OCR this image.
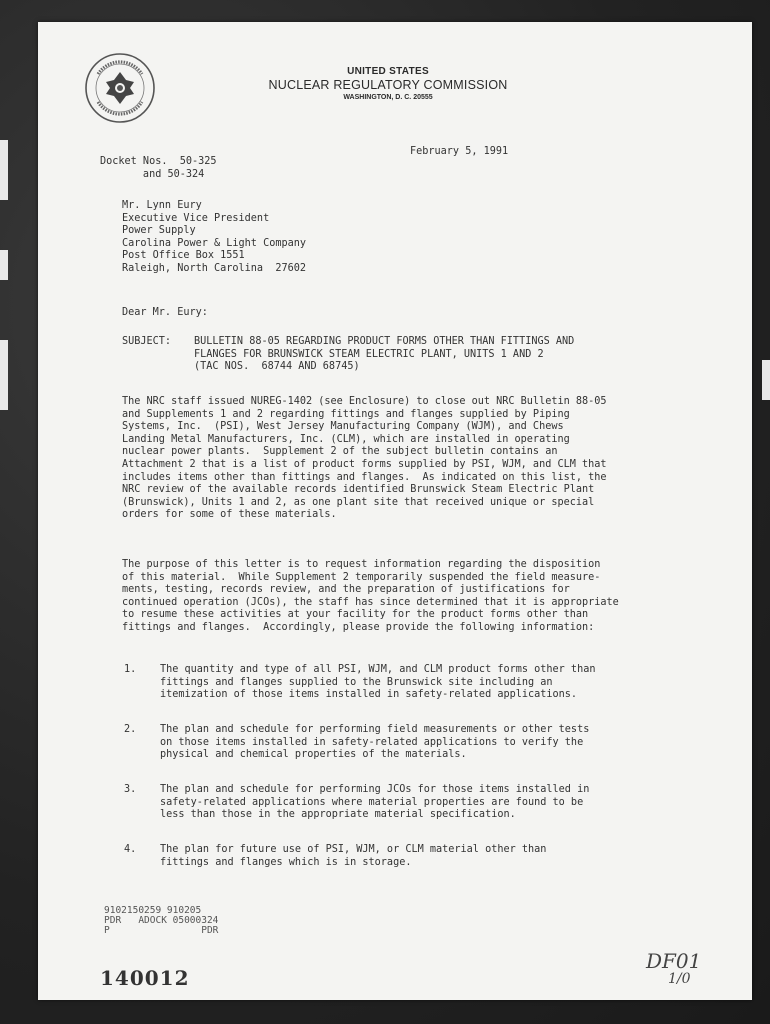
UNITED STATES
NUCLEAR REGULATORY COMMISSION
WASHINGTON, D. C. 20555
February 5, 1991
Docket Nos.  50-325
and 50-324
Mr. Lynn Eury
Executive Vice President
Power Supply
Carolina Power & Light Company
Post Office Box 1551
Raleigh, North Carolina  27602
Dear Mr. Eury:
SUBJECT: BULLETIN 88-05 REGARDING PRODUCT FORMS OTHER THAN FITTINGS AND
FLANGES FOR BRUNSWICK STEAM ELECTRIC PLANT, UNITS 1 AND 2
(TAC NOS.  68744 AND 68745)
The NRC staff issued NUREG-1402 (see Enclosure) to close out NRC Bulletin 88-05
and Supplements 1 and 2 regarding fittings and flanges supplied by Piping
Systems, Inc.  (PSI), West Jersey Manufacturing Company (WJM), and Chews
Landing Metal Manufacturers, Inc. (CLM), which are installed in operating
nuclear power plants.  Supplement 2 of the subject bulletin contains an
Attachment 2 that is a list of product forms supplied by PSI, WJM, and CLM that
includes items other than fittings and flanges.  As indicated on this list, the
NRC review of the available records identified Brunswick Steam Electric Plant
(Brunswick), Units 1 and 2, as one plant site that received unique or special
orders for some of these materials.
The purpose of this letter is to request information regarding the disposition
of this material.  While Supplement 2 temporarily suspended the field measure-
ments, testing, records review, and the preparation of justifications for
continued operation (JCOs), the staff has since determined that it is appropriate
to resume these activities at your facility for the product forms other than
fittings and flanges.  Accordingly, please provide the following information:
1. The quantity and type of all PSI, WJM, and CLM product forms other than
fittings and flanges supplied to the Brunswick site including an
itemization of those items installed in safety-related applications.
2. The plan and schedule for performing field measurements or other tests
on those items installed in safety-related applications to verify the
physical and chemical properties of the materials.
3. The plan and schedule for performing JCOs for those items installed in
safety-related applications where material properties are found to be
less than those in the appropriate material specification.
4. The plan for future use of PSI, WJM, or CLM material other than
fittings and flanges which is in storage.
9102150259 910205
PDR   ADOCK 05000324
P                PDR
140012
DF01
1/0
